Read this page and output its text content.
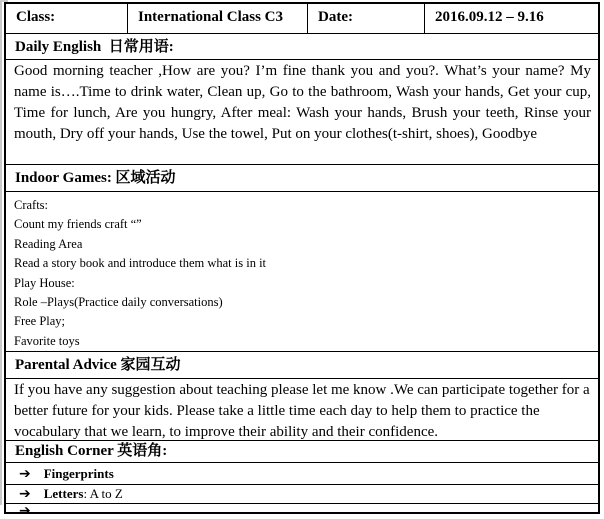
Class:	International Class C3	Date:	2016.09.12 – 9.16
Daily English  日常用语:
Good morning teacher ,How are you? I’m fine thank you and you?. What’s your name? My name is….Time to drink water, Clean up, Go to the bathroom, Wash your hands, Get your cup, Time for lunch, Are you hungry, After meal: Wash your hands, Brush your teeth, Rinse your mouth, Dry off your hands, Use the towel, Put on your clothes(t-shirt, shoes), Goodbye
Indoor Games: 区域活动
Crafts:
Count my friends craft “”
Reading Area
Read a story book and introduce them what is in it
Play House:
Role –Plays(Practice daily conversations)
Free Play;
Favorite toys
Parental Advice 家园互动
If you have any suggestion about teaching please let me know .We can participate together for a better future for your kids. Please take a little time each day to help them to practice the vocabulary that we learn, to improve their ability and their confidence.
English Corner 英语角:
➔ Fingerprints
➔ Letters : A to Z
➔
